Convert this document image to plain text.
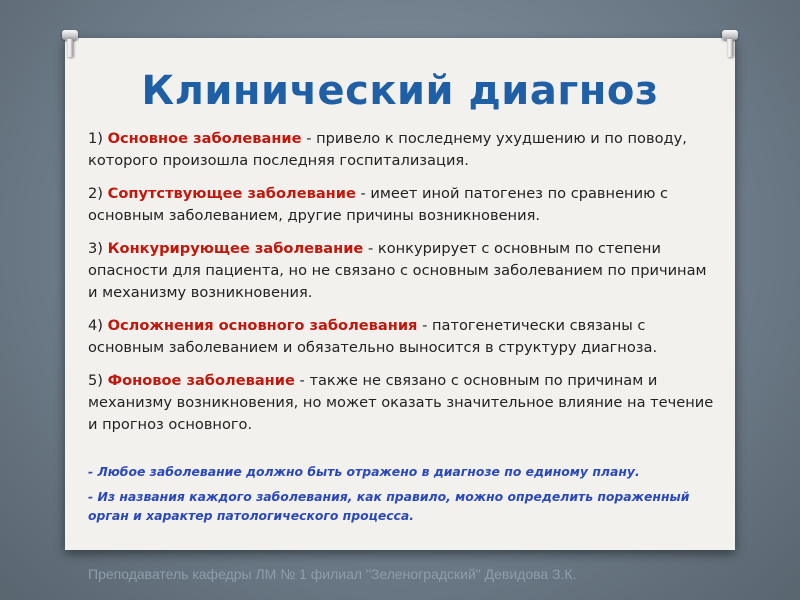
Клинический диагноз

1) Основное заболевание - привело к последнему ухудшению и по поводу, которого произошла последняя госпитализация.

2) Сопутствующее заболевание - имеет иной патогенез по сравнению с основным заболеванием, другие причины возникновения.

3) Конкурирующее заболевание - конкурирует с основным по степени опасности для пациента, но не связано с основным заболеванием по причинам и механизму возникновения.

4) Осложнения основного заболевания - патогенетически связаны с основным заболеванием и обязательно выносится в структуру диагноза.

5) Фоновое заболевание - также не связано с основным по причинам и механизму возникновения, но может оказать значительное влияние на течение и прогноз основного.

- Любое заболевание должно быть отражено в диагнозе по единому плану.

- Из названия каждого заболевания, как правило, можно определить пораженный орган и характер патологического процесса.

Преподаватель кафедры ЛМ № 1 филиал "Зеленоградский" Девидова З.К.
